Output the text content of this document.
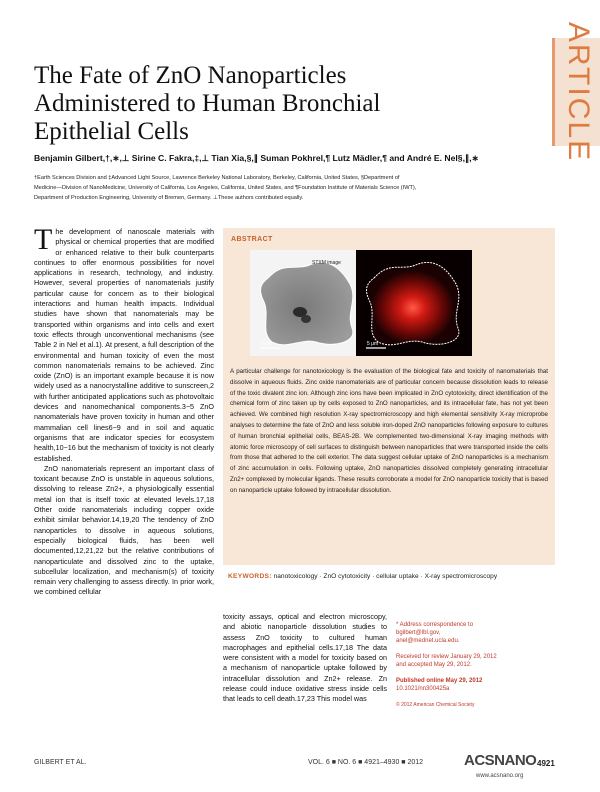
ARTICLE
The Fate of ZnO Nanoparticles
Administered to Human Bronchial
Epithelial Cells
Benjamin Gilbert,†,∗,⊥ Sirine C. Fakra,‡,⊥ Tian Xia,§,∥ Suman Pokhrel,¶ Lutz Mädler,¶ and André E. Nel§,∥,∗
†Earth Sciences Division and ‡Advanced Light Source, Lawrence Berkeley National Laboratory, Berkeley, California, United States, §Department of
Medicine—Division of NanoMedicine, University of California, Los Angeles, California, United States, and ¶Foundation Institute of Materials Science (IWT),
Department of Production Engineering, University of Bremen, Germany. ⊥These authors contributed equally.

The development of nanoscale materials with physical or chemical properties that are modified or enhanced relative to their bulk counterparts continues to offer enormous possibilities for novel applications in research, technology, and industry. However, several properties of nanomaterials justify particular cause for concern as to their biological interactions and human health impacts. Individual studies have shown that nanomaterials may be transported within organisms and into cells and exert toxic effects through unconventional mechanisms (see Table 2 in Nel et al.1). At present, a full description of the environmental and human toxicity of even the most common nanomaterials remains to be achieved. Zinc oxide (ZnO) is an important example because it is now widely used as a nanocrystalline additive to sunscreen,2 with further anticipated applications such as photovoltaic devices and nanomechanical components.3−5 ZnO nanomaterials have proven toxicity in human and other mammalian cell lines6−9 and in soil and aquatic organisms that are indicator species for ecosystem health,10−16 but the mechanism of toxicity is not clearly established.

ZnO nanomaterials represent an important class of toxicant because ZnO is unstable in aqueous solutions, dissolving to release Zn2+, a physiologically essential metal ion that is itself toxic at elevated levels.17,18 Other oxide nanomaterials including copper oxide exhibit similar behavior.14,19,20 The tendency of ZnO nanoparticles to dissolve in aqueous solutions, especially biological fluids, has been well documented,12,21,22 but the relative contributions of nanoparticulate and dissolved zinc to the uptake, subcellular localization, and mechanism(s) of toxicity remain very challenging to assess directly. In prior work, we combined cellular

ABSTRACT
STXM image
5 μm	5 μm
A particular challenge for nanotoxicology is the evaluation of the biological fate and toxicity of nanomaterials that dissolve in aqueous fluids. Zinc oxide nanomaterials are of particular concern because dissolution leads to release of the toxic divalent zinc ion. Although zinc ions have been implicated in ZnO cytotoxicity, direct identification of the chemical form of zinc taken up by cells exposed to ZnO nanoparticles, and its intracellular fate, has not yet been achieved. We combined high resolution X-ray spectromicroscopy and high elemental sensitivity X-ray microprobe analyses to determine the fate of ZnO and less soluble iron-doped ZnO nanoparticles following exposure to cultures of human bronchial epithelial cells, BEAS-2B. We complemented two-dimensional X-ray imaging methods with atomic force microscopy of cell surfaces to distinguish between nanoparticles that were transported inside the cells from those that adhered to the cell exterior. The data suggest cellular uptake of ZnO nanoparticles is a mechanism of zinc accumulation in cells. Following uptake, ZnO nanoparticles dissolved completely generating intracellular Zn2+ complexed by molecular ligands. These results corroborate a model for ZnO nanoparticle toxicity that is based on nanoparticle uptake followed by intracellular dissolution.
KEYWORDS: nanotoxicology · ZnO cytotoxicity · cellular uptake · X-ray spectromicroscopy
toxicity assays, optical and electron microscopy, and abiotic nanoparticle dissolution studies to assess ZnO toxicity to cultured human macrophages and epithelial cells.17,18 The data were consistent with a model for toxicity based on a mechanism of nanoparticle uptake followed by intracellular dissolution and Zn2+ release. Zn release could induce oxidative stress inside cells that leads to cell death.17,23 This model was
* Address correspondence to
bgilbert@lbl.gov,
anel@mednet.ucla.edu.
Received for review January 29, 2012
and accepted May 29, 2012.
Published online May 29, 2012
10.1021/nn300425a
© 2012 American Chemical Society
GILBERT ET AL.	VOL. 6 ■ NO. 6 ■ 4921–4930 ■ 2012	ACSNANO 4921
www.acsnano.org
